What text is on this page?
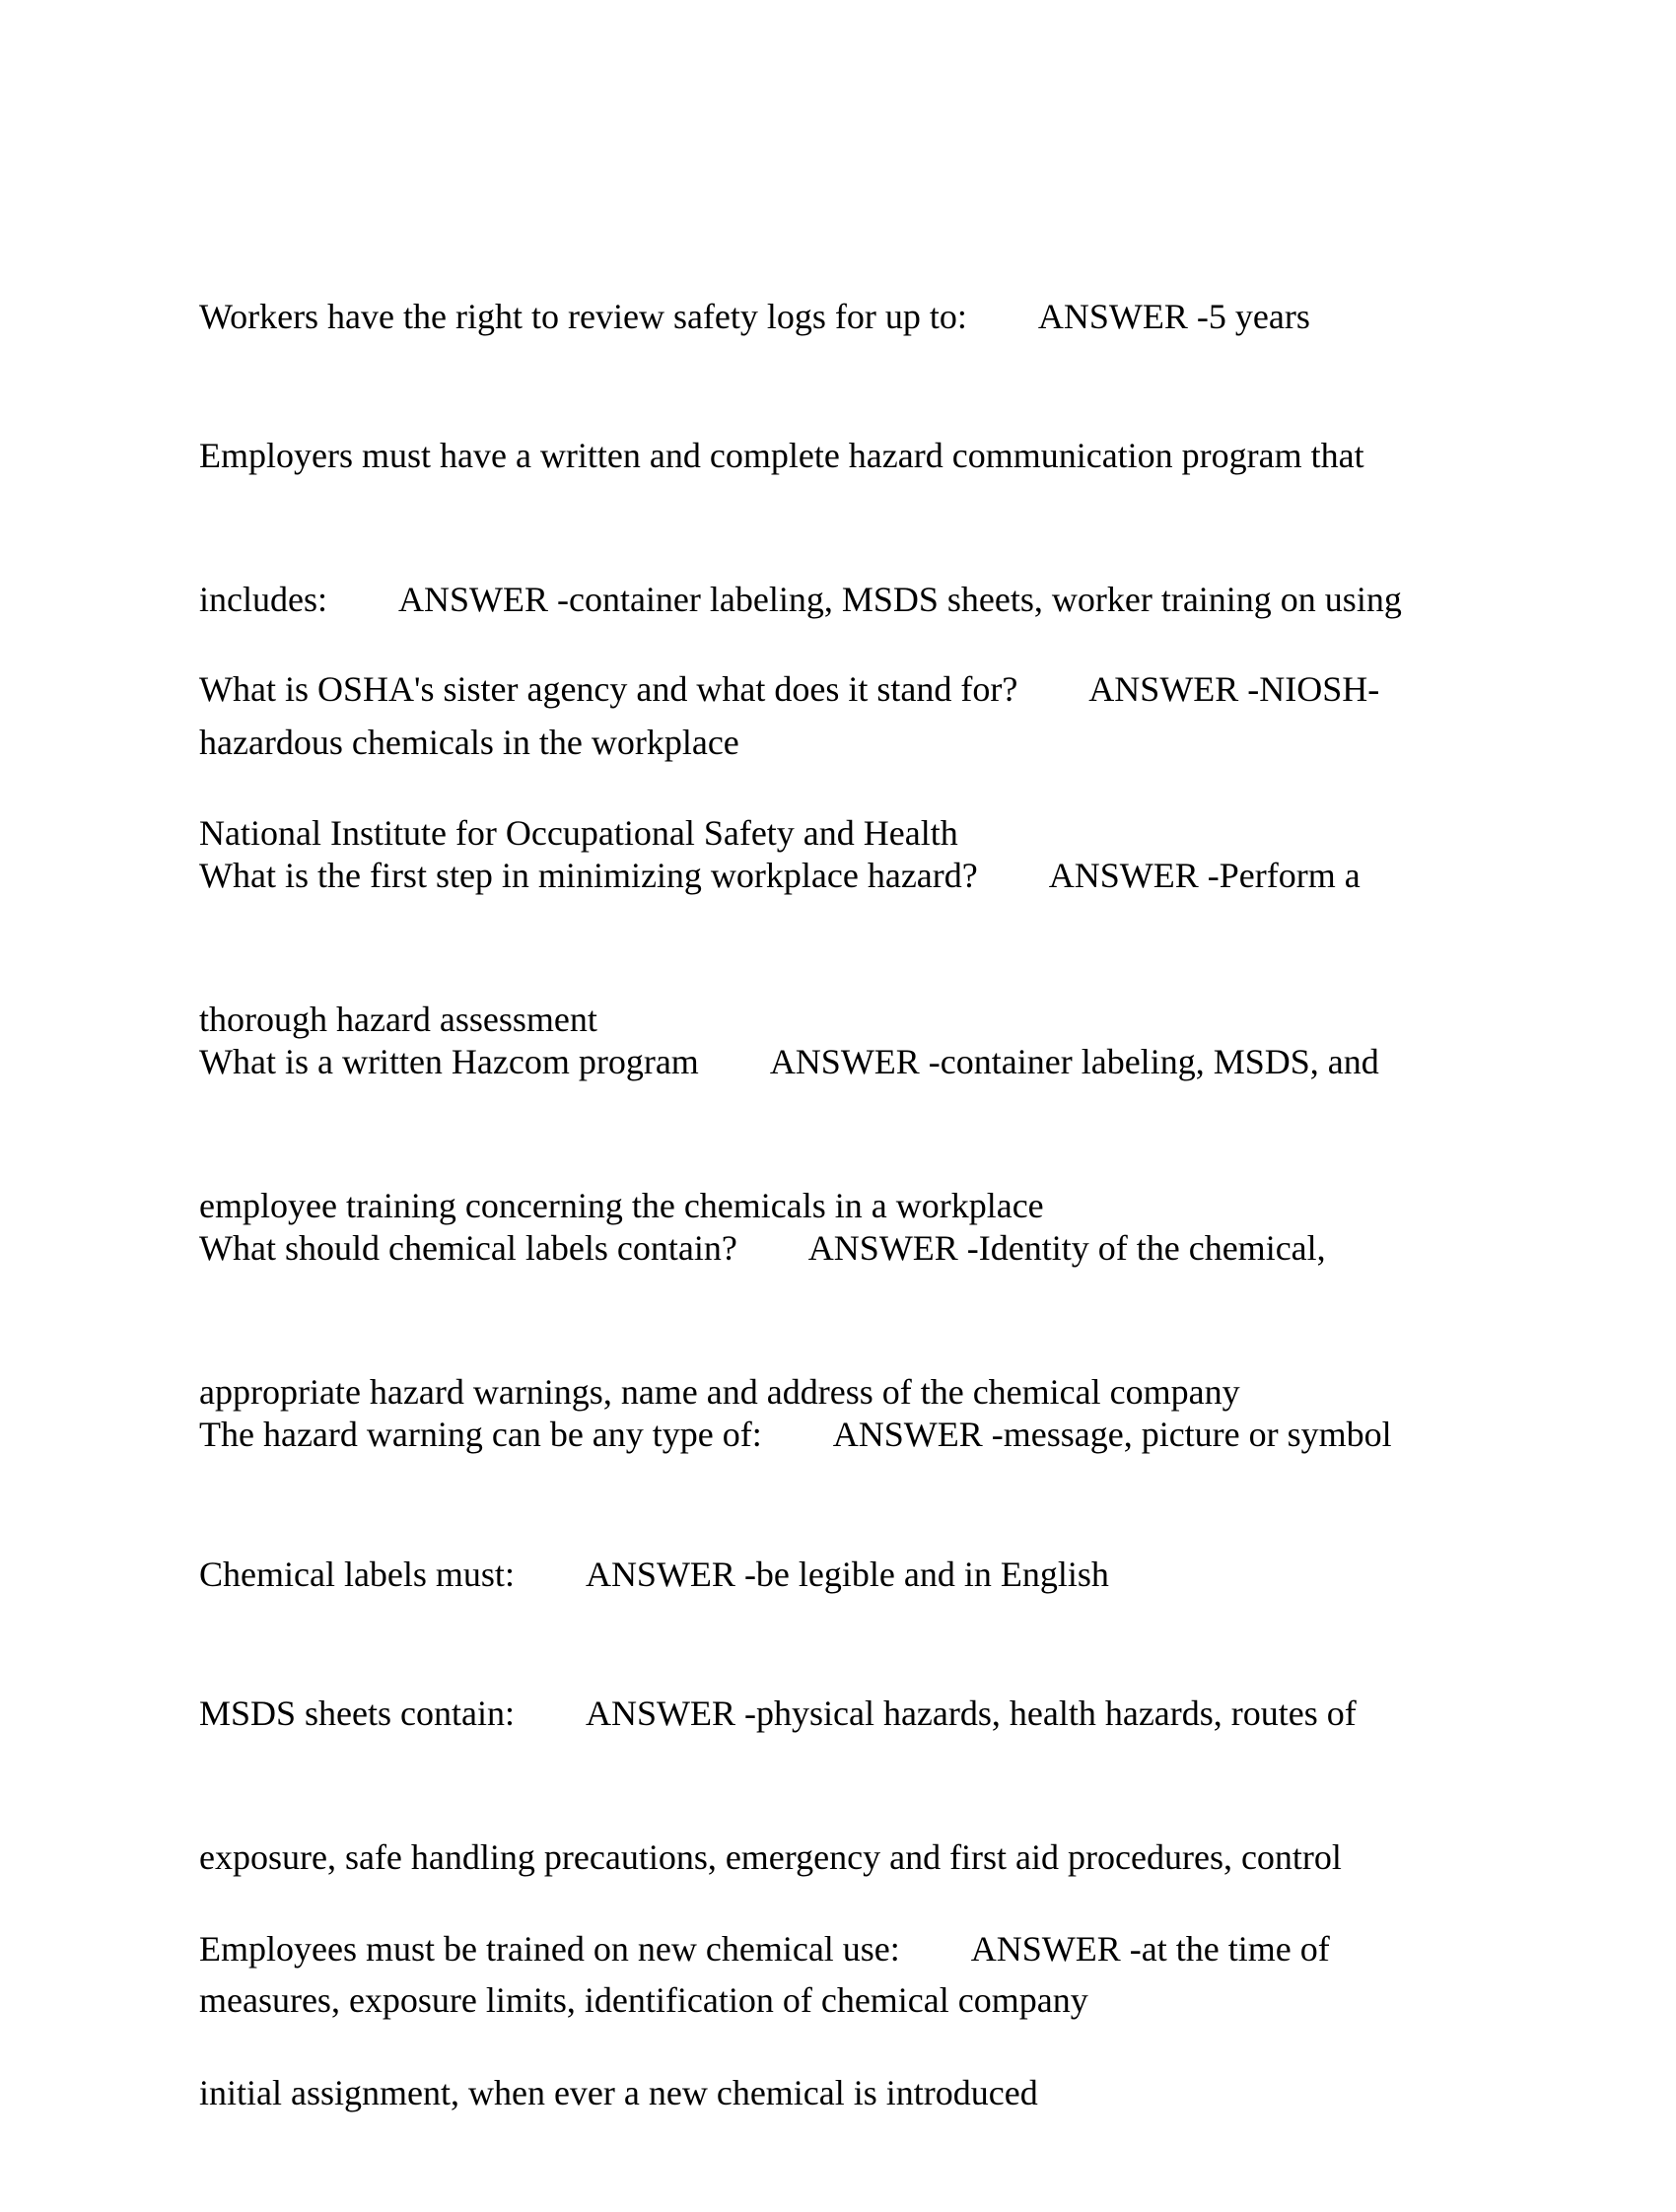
Workers have the right to review safety logs for up to:  ANSWER -5 years

Employers must have a written and complete hazard communication program that

includes:  ANSWER -container labeling, MSDS sheets, worker training on using

hazardous chemicals in the workplace

What is OSHA's sister agency and what does it stand for?  ANSWER -NIOSH-

National Institute for Occupational Safety and Health

What is the first step in minimizing workplace hazard?  ANSWER -Perform a

thorough hazard assessment

What is a written Hazcom program  ANSWER -container labeling, MSDS, and

employee training concerning the chemicals in a workplace

What should chemical labels contain?  ANSWER -Identity of the chemical,

appropriate hazard warnings, name and address of the chemical company

The hazard warning can be any type of:  ANSWER -message, picture or symbol

Chemical labels must:  ANSWER -be legible and in English

MSDS sheets contain:  ANSWER -physical hazards, health hazards, routes of

exposure, safe handling precautions, emergency and first aid procedures, control

measures, exposure limits, identification of chemical company

Employees must be trained on new chemical use:  ANSWER -at the time of

initial assignment, when ever a new chemical is introduced
